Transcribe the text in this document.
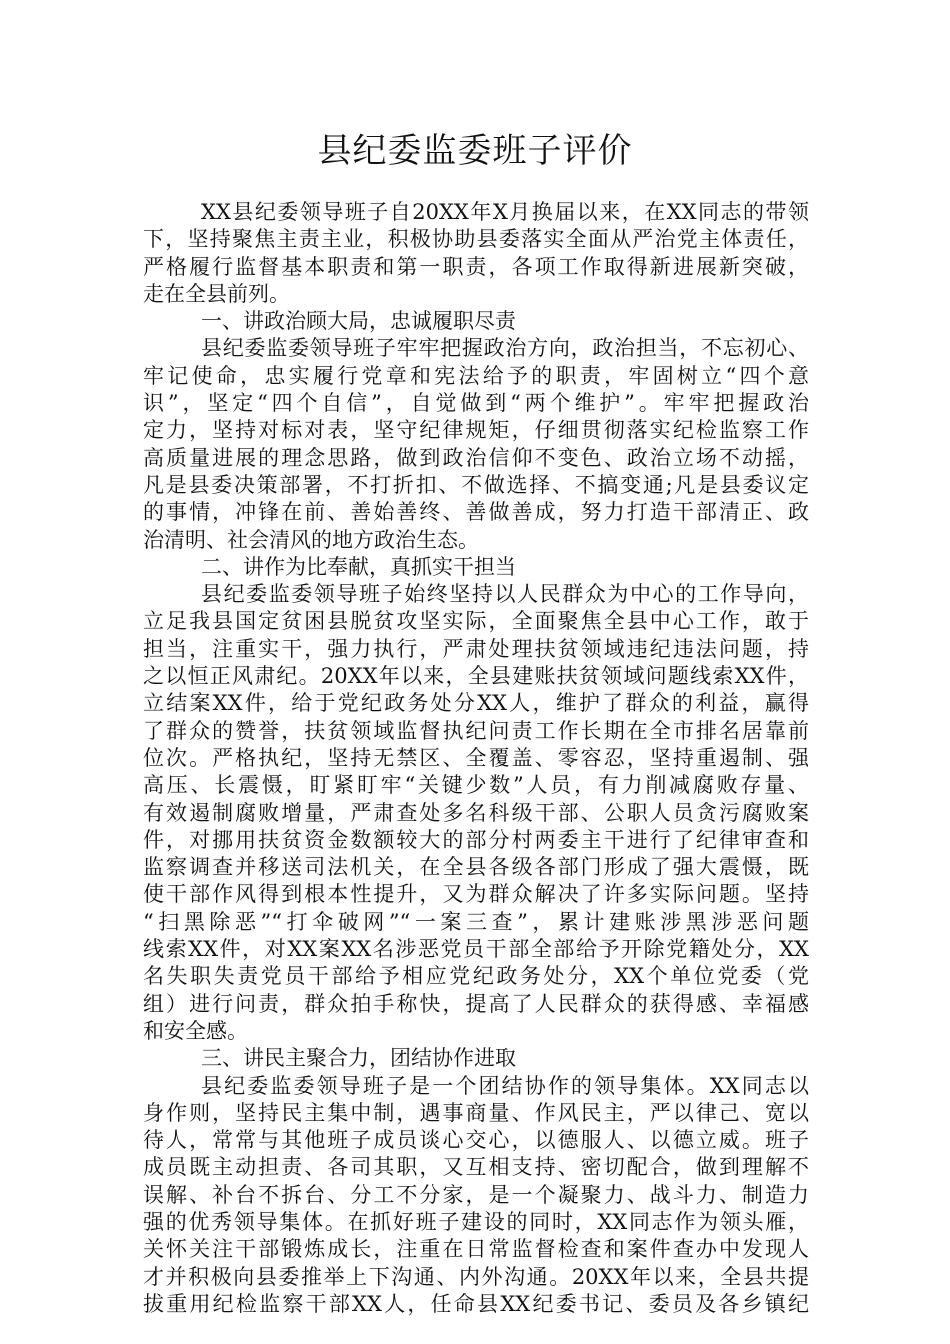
县纪委监委班子评价
XX县纪委领导班子自20XX年X月换届以来，在XX同志的带领
下，坚持聚焦主责主业，积极协助县委落实全面从严治党主体责任，
严格履行监督基本职责和第一职责，各项工作取得新进展新突破，
走在全县前列。
一、讲政治顾大局，忠诚履职尽责
县纪委监委领导班子牢牢把握政治方向，政治担当，不忘初心、
牢记使命，忠实履行党章和宪法给予的职责，牢固树立“四个意
识”，坚定“四个自信”，自觉做到“两个维护”。牢牢把握政治
定力，坚持对标对表，坚守纪律规矩，仔细贯彻落实纪检监察工作
高质量进展的理念思路，做到政治信仰不变色、政治立场不动摇，
凡是县委决策部署，不打折扣、不做选择、不搞变通;凡是县委议定
的事情，冲锋在前、善始善终、善做善成，努力打造干部清正、政
治清明、社会清风的地方政治生态。
二、讲作为比奉献，真抓实干担当
县纪委监委领导班子始终坚持以人民群众为中心的工作导向，
立足我县国定贫困县脱贫攻坚实际，全面聚焦全县中心工作，敢于
担当，注重实干，强力执行，严肃处理扶贫领域违纪违法问题，持
之以恒正风肃纪。20XX年以来，全县建账扶贫领域问题线索XX件，
立结案XX件，给于党纪政务处分XX人，维护了群众的利益，赢得
了群众的赞誉，扶贫领域监督执纪问责工作长期在全市排名居靠前
位次。严格执纪，坚持无禁区、全覆盖、零容忍，坚持重遏制、强
高压、长震慑，盯紧盯牢“关键少数”人员，有力削减腐败存量、
有效遏制腐败增量，严肃查处多名科级干部、公职人员贪污腐败案
件，对挪用扶贫资金数额较大的部分村两委主干进行了纪律审查和
监察调查并移送司法机关，在全县各级各部门形成了强大震慑，既
使干部作风得到根本性提升，又为群众解决了许多实际问题。坚持
“扫黑除恶”“打伞破网”“一案三查”，累计建账涉黑涉恶问题
线索XX件，对XX案XX名涉恶党员干部全部给予开除党籍处分，XX
名失职失责党员干部给予相应党纪政务处分，XX个单位党委（党
组）进行问责，群众拍手称快，提高了人民群众的获得感、幸福感
和安全感。
三、讲民主聚合力，团结协作进取
县纪委监委领导班子是一个团结协作的领导集体。XX同志以
身作则，坚持民主集中制，遇事商量、作风民主，严以律己、宽以
待人，常常与其他班子成员谈心交心，以德服人、以德立威。班子
成员既主动担责、各司其职，又互相支持、密切配合，做到理解不
误解、补台不拆台、分工不分家，是一个凝聚力、战斗力、制造力
强的优秀领导集体。在抓好班子建设的同时，XX同志作为领头雁，
关怀关注干部锻炼成长，注重在日常监督检查和案件查办中发现人
才并积极向县委推举上下沟通、内外沟通。20XX年以来，全县共提
拔重用纪检监察干部XX人，任命县XX纪委书记、委员及各乡镇纪
